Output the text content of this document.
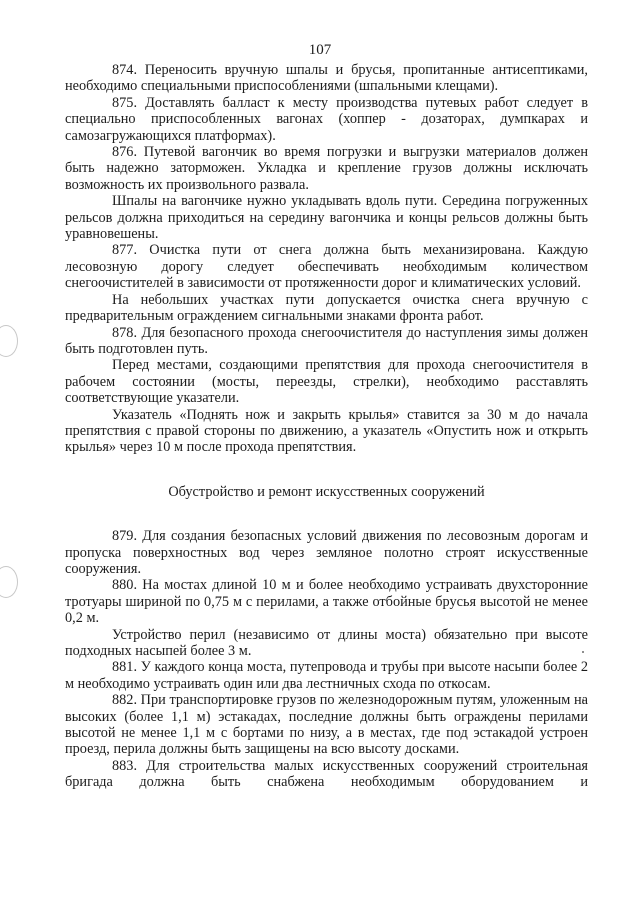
107

874. Переносить вручную шпалы и брусья, пропитанные антисептиками, необходимо специальными приспособлениями (шпальными клещами).

875. Доставлять балласт к месту производства путевых работ следует в специально приспособленных вагонах (хоппер - дозаторах, думпкарах и самозагружающихся платформах).

876. Путевой вагончик во время погрузки и выгрузки материалов должен быть надежно заторможен. Укладка и крепление грузов должны исключать возможность их произвольного развала.

Шпалы на вагончике нужно укладывать вдоль пути. Середина погруженных рельсов должна приходиться на середину вагончика и концы рельсов должны быть уравновешены.

877. Очистка пути от снега должна быть механизирована. Каждую лесовозную дорогу следует обеспечивать необходимым количеством снегоочистителей в зависимости от протяженности дорог и климатических условий.

На небольших участках пути допускается очистка снега вручную с предварительным ограждением сигнальными знаками фронта работ.

878. Для безопасного прохода снегоочистителя до наступления зимы должен быть подготовлен путь.

Перед местами, создающими препятствия для прохода снегоочистителя в рабочем состоянии (мосты, переезды, стрелки), необходимо расставлять соответствующие указатели.

Указатель «Поднять нож и закрыть крылья» ставится за 30 м до начала препятствия с правой стороны по движению, а указатель «Опустить нож и открыть крылья» через 10 м после прохода препятствия.

Обустройство и ремонт искусственных сооружений

879. Для создания безопасных условий движения по лесовозным дорогам и пропуска поверхностных вод через земляное полотно строят искусственные сооружения.

880. На мостах длиной 10 м и более необходимо устраивать двухсторонние тротуары шириной по 0,75 м с перилами, а также отбойные брусья высотой не менее 0,2 м.

Устройство перил (независимо от длины моста) обязательно при высоте подходных насыпей более 3 м.

881. У каждого конца моста, путепровода и трубы при высоте насыпи более 2 м необходимо устраивать один или два лестничных схода по откосам.

882. При транспортировке грузов по железнодорожным путям, уложенным на высоких (более 1,1 м) эстакадах, последние должны быть ограждены перилами высотой не менее 1,1 м с бортами по низу, а в местах, где под эстакадой устроен проезд, перила должны быть защищены на всю высоту досками.

883. Для строительства малых искусственных сооружений строительная бригада должна быть снабжена необходимым оборудованием и
